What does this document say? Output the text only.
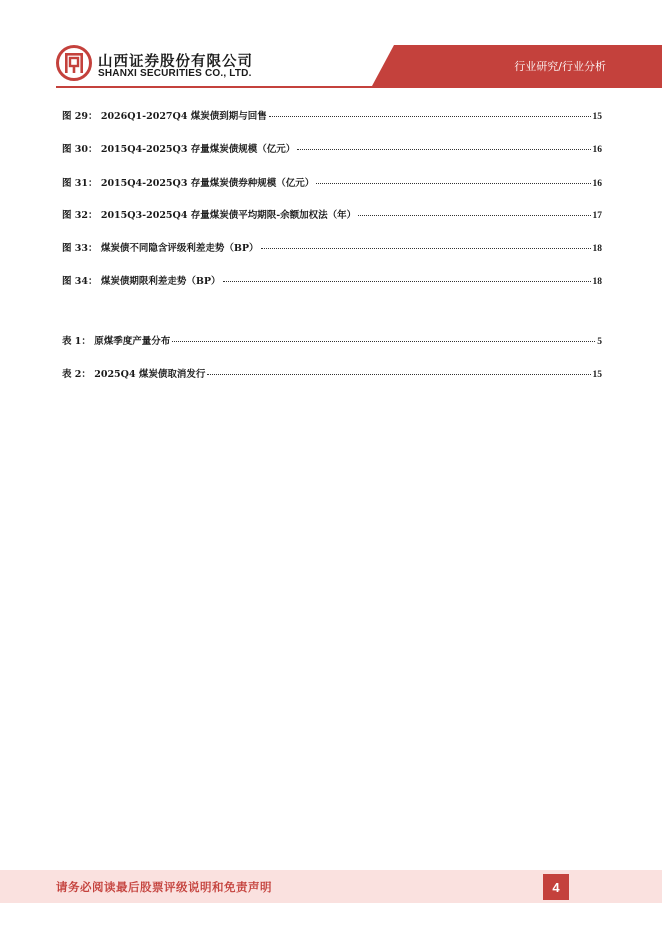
山西证券股份有限公司
SHANXI SECURITIES CO., LTD.
行业研究/行业分析
图 29： 2026Q1-2027Q4 煤炭债到期与回售	15
图 30： 2015Q4-2025Q3 存量煤炭债规模（亿元）	16
图 31： 2015Q4-2025Q3 存量煤炭债券种规模（亿元）	16
图 32： 2015Q3-2025Q4 存量煤炭债平均期限-余额加权法（年）	17
图 33： 煤炭债不同隐含评级利差走势（BP）	18
图 34： 煤炭债期限利差走势（BP）	18
表 1： 原煤季度产量分布	5
表 2： 2025Q4 煤炭债取消发行	15
请务必阅读最后股票评级说明和免责声明	4
